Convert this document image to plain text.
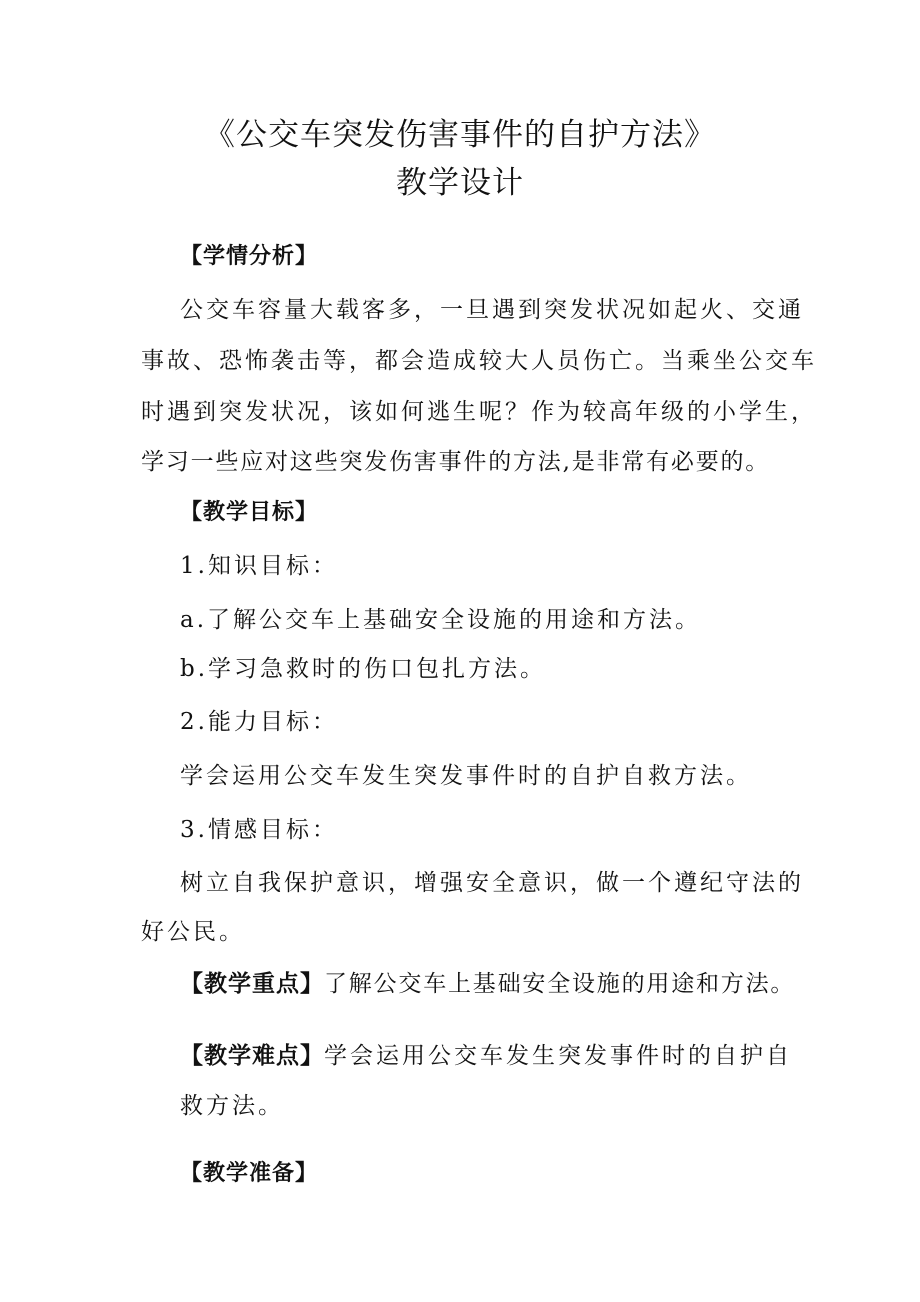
《公交车突发伤害事件的自护方法》
教学设计
【学情分析】
公交车容量大载客多，一旦遇到突发状况如起火、交通
事故、恐怖袭击等，都会造成较大人员伤亡。当乘坐公交车
时遇到突发状况，该如何逃生呢？作为较高年级的小学生，
学习一些应对这些突发伤害事件的方法,是非常有必要的。
【教学目标】
1.知识目标：
a.了解公交车上基础安全设施的用途和方法。
b.学习急救时的伤口包扎方法。
2.能力目标：
学会运用公交车发生突发事件时的自护自救方法。
3.情感目标：
树立自我保护意识，增强安全意识，做一个遵纪守法的
好公民。
【教学重点】了解公交车上基础安全设施的用途和方法。
【教学难点】学会运用公交车发生突发事件时的自护自
救方法。
【教学准备】
